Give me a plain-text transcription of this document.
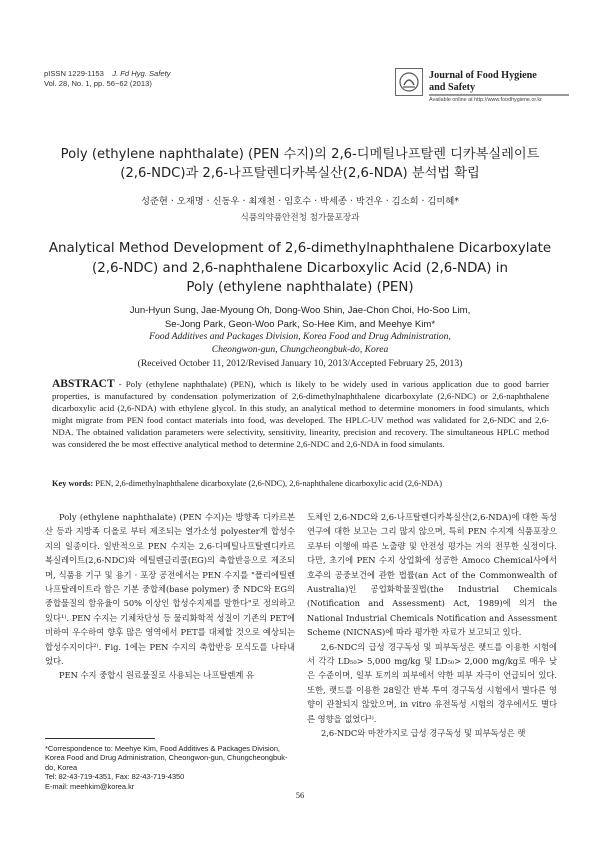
pISSN 1229-1153 J. Fd Hyg. Safety
Vol. 28, No. 1, pp. 56~62 (2013)
Journal of Food Hygiene
and Safety
Available online at http://www.foodhygiene.or.kr
Poly (ethylene naphthalate) (PEN 수지)의 2,6-디메틸나프탈렌 디카복실레이트
(2,6-NDC)과 2,6-나프탈렌디카복실산(2,6-NDA) 분석법 확립
성준현 · 오재명 · 신동우 · 최재천 · 임호수 · 박세종 · 박건우 · 김소희 · 김미혜*
식품의약품안전청 첨가물포장과
Analytical Method Development of 2,6-dimethylnaphthalene Dicarboxylate
(2,6-NDC) and 2,6-naphthalene Dicarboxylic Acid (2,6-NDA) in
Poly (ethylene naphthalate) (PEN)
Jun-Hyun Sung, Jae-Myoung Oh, Dong-Woo Shin, Jae-Chon Choi, Ho-Soo Lim,
Se-Jong Park, Geon-Woo Park, So-Hee Kim, and Meehye Kim*
Food Additives and Packages Division, Korea Food and Drug Administration,
Cheongwon-gun, Chungcheongbuk-do, Korea
(Received October 11, 2012/Revised January 10, 2013/Accepted February 25, 2013)
ABSTRACT - Poly (ethylene naphthalate) (PEN), which is likely to be widely used in various application due to good barrier properties, is manufactured by condensation polymerization of 2,6-dimethylnaphthalene dicarboxylate (2,6-NDC) or 2,6-naphthalene dicarboxylic acid (2,6-NDA) with ethylene glycol. In this study, an analytical method to determine monomers in food simulants, which might migrate from PEN food contact materials into food, was developed. The HPLC-UV method was validated for 2,6-NDC and 2,6-NDA. The obtained validation parameters were selectivity, sensitivity, linearity, precision and recovery. The simultaneous HPLC method was considered the be most effective analytical method to determine 2,6-NDC and 2,6-NDA in food simulants.
Key words: PEN, 2,6-dimethylnaphthalene dicarboxylate (2,6-NDC), 2,6-naphthalene dicarboxylic acid (2,6-NDA)

Poly (ethylene naphthalate) (PEN 수지)는 방향족 디카르본산 등과 지방족 디올로 부터 제조되는 열가소성 polyester계 합성수지의 일종이다. 일반적으로 PEN 수지는 2,6-디메틸나프탈렌디카르복실레이트(2,6-NDC)와 에틸렌글리콜(EG)의 축합반응으로 제조되며, 식품용 기구 및 용기 · 포장 공전에서는 PEN 수지를 "폴리에틸렌나프탈레이트라 함은 기본 중합체(base polymer) 중 NDC와 EG의 중합물질의 함유율이 50% 이상인 합성수지제를 말한다"로 정의하고 있다¹⁾. PEN 수지는 기체차단성 등 물리화학적 성질이 기존의 PET에 비하여 우수하여 향후 많은 영역에서 PET를 대체할 것으로 예상되는 합성수지이다²⁾. Fig. 1에는 PEN 수지의 축합반응 모식도를 나타내었다.

PEN 수지 중합시 원료물질로 사용되는 나프탈렌계 유

도체인 2,6-NDC와 2,6-나프탈렌디카복실산(2,6-NDA)에 대한 독성 연구에 대한 보고는 그리 많지 않으며, 특히 PEN 수지계 식품포장으로부터 이행에 따른 노출량 및 안전성 평가는 거의 전무한 실정이다. 다만, 초기에 PEN 수지 상업화에 성공한 Amoco Chemical사에서 호주의 공중보건에 관한 법률(an Act of the Commonwealth of Australia)인 공업화학물질법(the Industrial Chemicals (Notification and Assessment) Act, 1989)에 의거 the National Industrial Chemicals Notification and Assessment Scheme (NICNAS)에 따라 평가한 자료가 보고되고 있다.

2,6-NDC의 급성 경구독성 및 피부독성은 랫드를 이용한 시험에서 각각 LD₅₀> 5,000 mg/kg 및 LD₅₀> 2,000 mg/kg로 매우 낮은 수준이며, 일부 토끼의 피부에서 약한 피부 자극이 언급되어 있다. 또한, 랫드를 이용한 28일간 반복 투여 경구독성 시험에서 별다른 영향이 관찰되지 않았으며, in vitro 유전독성 시험의 경우에서도 별다른 영향을 없었다³⁾.

2,6-NDC와 마찬가지로 급성 경구독성 및 피부독성은 랫

*Correspondence to: Meehye Kim, Food Additives & Packages Division, Korea Food and Drug Administration, Cheongwon-gun, Chungcheongbuk-do, Korea
Tel: 82-43-719-4351, Fax: 82-43-719-4350
E-mail: meehkim@korea.kr
56
